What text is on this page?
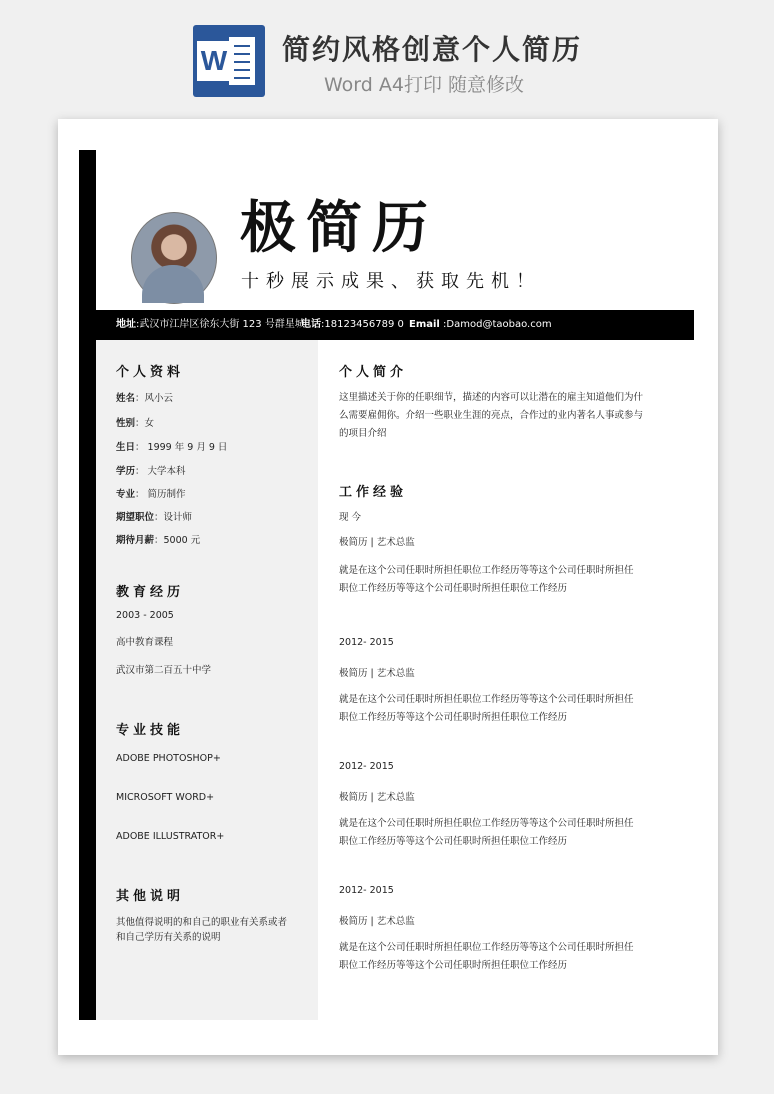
W 简约风格创意个人简历
Word A4打印 随意修改
极简历
十秒展示成果、获取先机！
地址:武汉市江岸区徐东大街 123 号群星城
电话:18123456789 0 Email :Damod@taobao.com
个人资料
姓名：风小云
性别：女
生日： 1999 年 9 月 9 日
学历： 大学本科
专业： 简历制作
期望职位：设计师
期待月薪：5000 元
教育经历
2003 - 2005
高中教育课程
武汉市第二百五十中学
专业技能
ADOBE PHOTOSHOP+
MICROSOFT WORD+
ADOBE ILLUSTRATOR+
其他说明
其他值得说明的和自己的职业有关系或者和自己学历有关系的说明
个人简介
这里描述关于你的任职细节，描述的内容可以让潜在的雇主知道他们为什么需要雇佣你。介绍一些职业生涯的亮点，合作过的业内著名人事或参与的项目介绍
工作经验
现 今
极简历 | 艺术总监
就是在这个公司任职时所担任职位工作经历等等这个公司任职时所担任职位工作经历等等这个公司任职时所担任职位工作经历
2012- 2015
极简历 | 艺术总监
就是在这个公司任职时所担任职位工作经历等等这个公司任职时所担任职位工作经历等等这个公司任职时所担任职位工作经历
2012- 2015
极简历 | 艺术总监
就是在这个公司任职时所担任职位工作经历等等这个公司任职时所担任职位工作经历等等这个公司任职时所担任职位工作经历
2012- 2015
极简历 | 艺术总监
就是在这个公司任职时所担任职位工作经历等等这个公司任职时所担任职位工作经历等等这个公司任职时所担任职位工作经历
